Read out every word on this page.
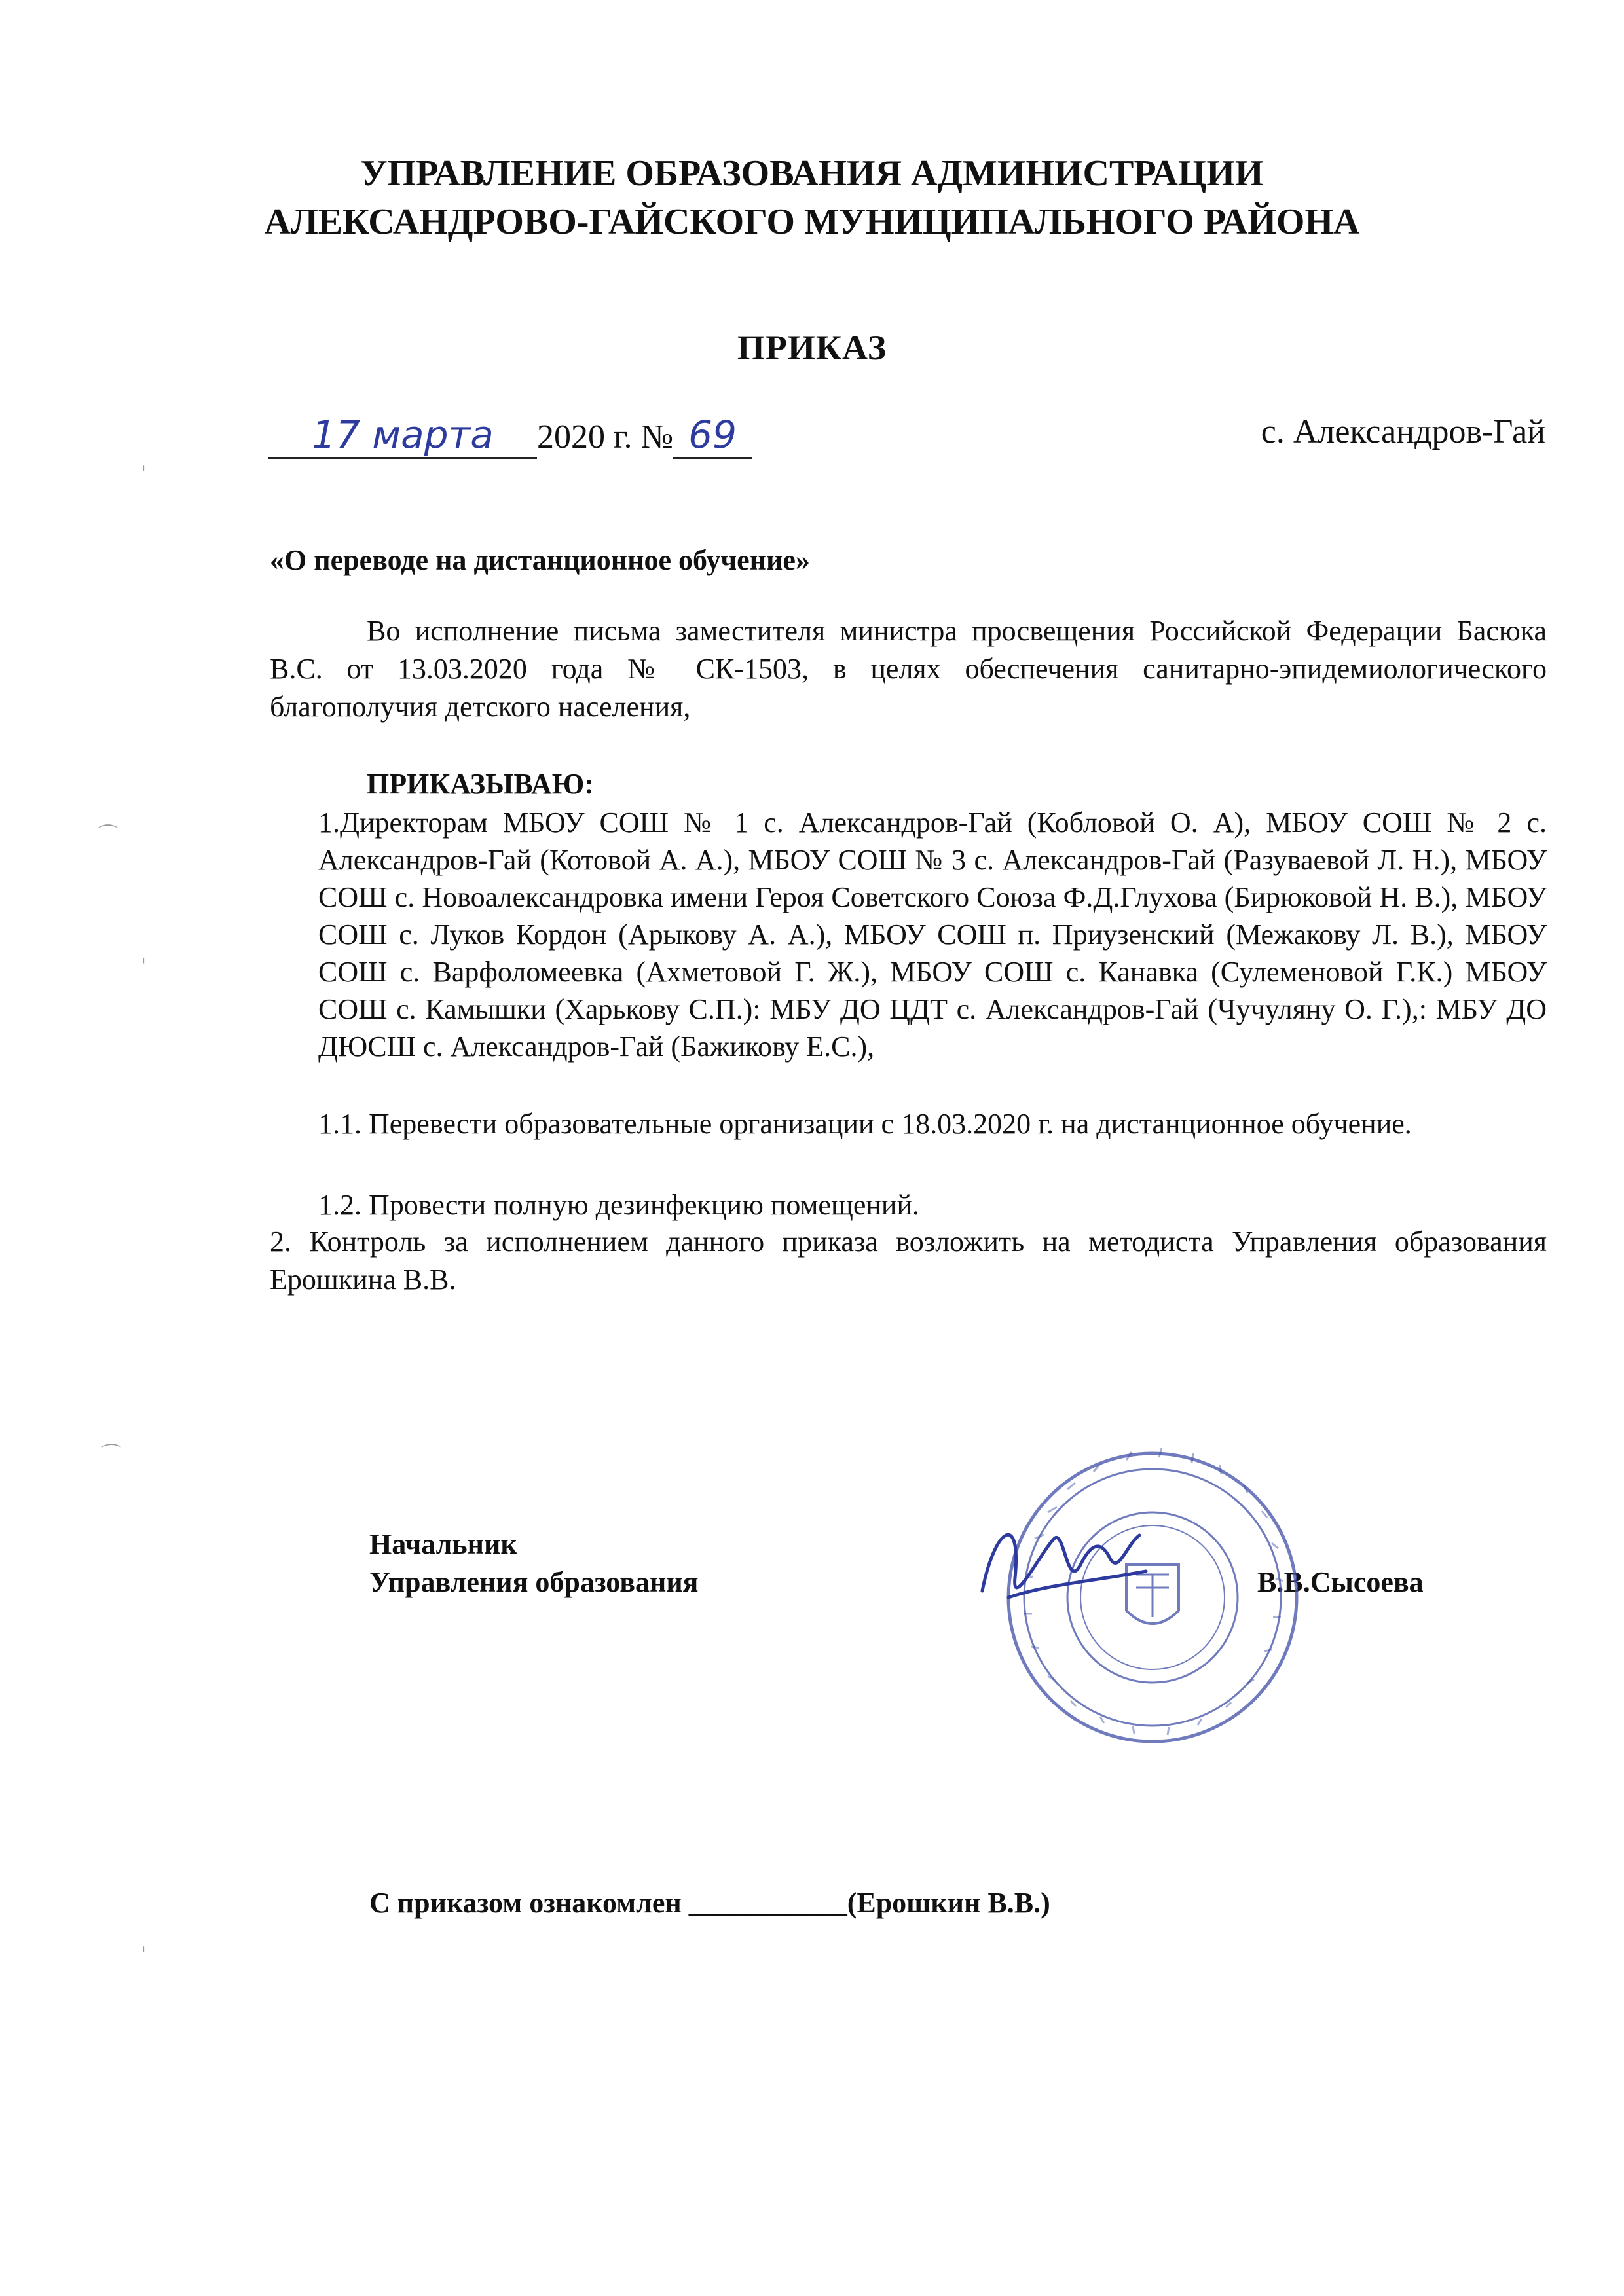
УПРАВЛЕНИЕ ОБРАЗОВАНИЯ АДМИНИСТРАЦИИ
АЛЕКСАНДРОВО-ГАЙСКОГО МУНИЦИПАЛЬНОГО РАЙОНА
ПРИКАЗ
17 марта 2020 г. № 69	с. Александров-Гай
«О переводе на дистанционное обучение»
Во исполнение письма заместителя министра просвещения Российской Федерации Басюка В.С. от 13.03.2020 года № СК-1503, в целях обеспечения санитарно-эпидемиологического благополучия детского населения,
ПРИКАЗЫВАЮ:
1.Директорам МБОУ СОШ № 1 с. Александров-Гай (Кобловой О. А), МБОУ СОШ № 2 с. Александров-Гай (Котовой А. А.), МБОУ СОШ № 3 с. Александров-Гай (Разуваевой Л. Н.), МБОУ СОШ с. Новоалександровка имени Героя Советского Союза Ф.Д.Глухова (Бирюковой Н. В.), МБОУ СОШ с. Луков Кордон (Арыкову А. А.), МБОУ СОШ п. Приузенский (Межакову Л. В.), МБОУ СОШ с. Варфоломеевка (Ахметовой Г. Ж.), МБОУ СОШ с. Канавка (Сулеменовой Г.К.) МБОУ СОШ с. Камышки (Харькову С.П.): МБУ ДО ЦДТ с. Александров-Гай (Чучуляну О. Г.),: МБУ ДО ДЮСШ с. Александров-Гай (Бажикову Е.С.),
1.1. Перевести образовательные организации с 18.03.2020 г. на дистанционное обучение.
1.2. Провести полную дезинфекцию помещений.
2. Контроль за исполнением данного приказа возложить на методиста Управления образования Ерошкина В.В.
Начальник
Управления образования	В.В.Сысоева
С приказом ознакомлен ___________(Ерошкин В.В.)
ˌ
⌒
ˌ
⌒
ˌ
